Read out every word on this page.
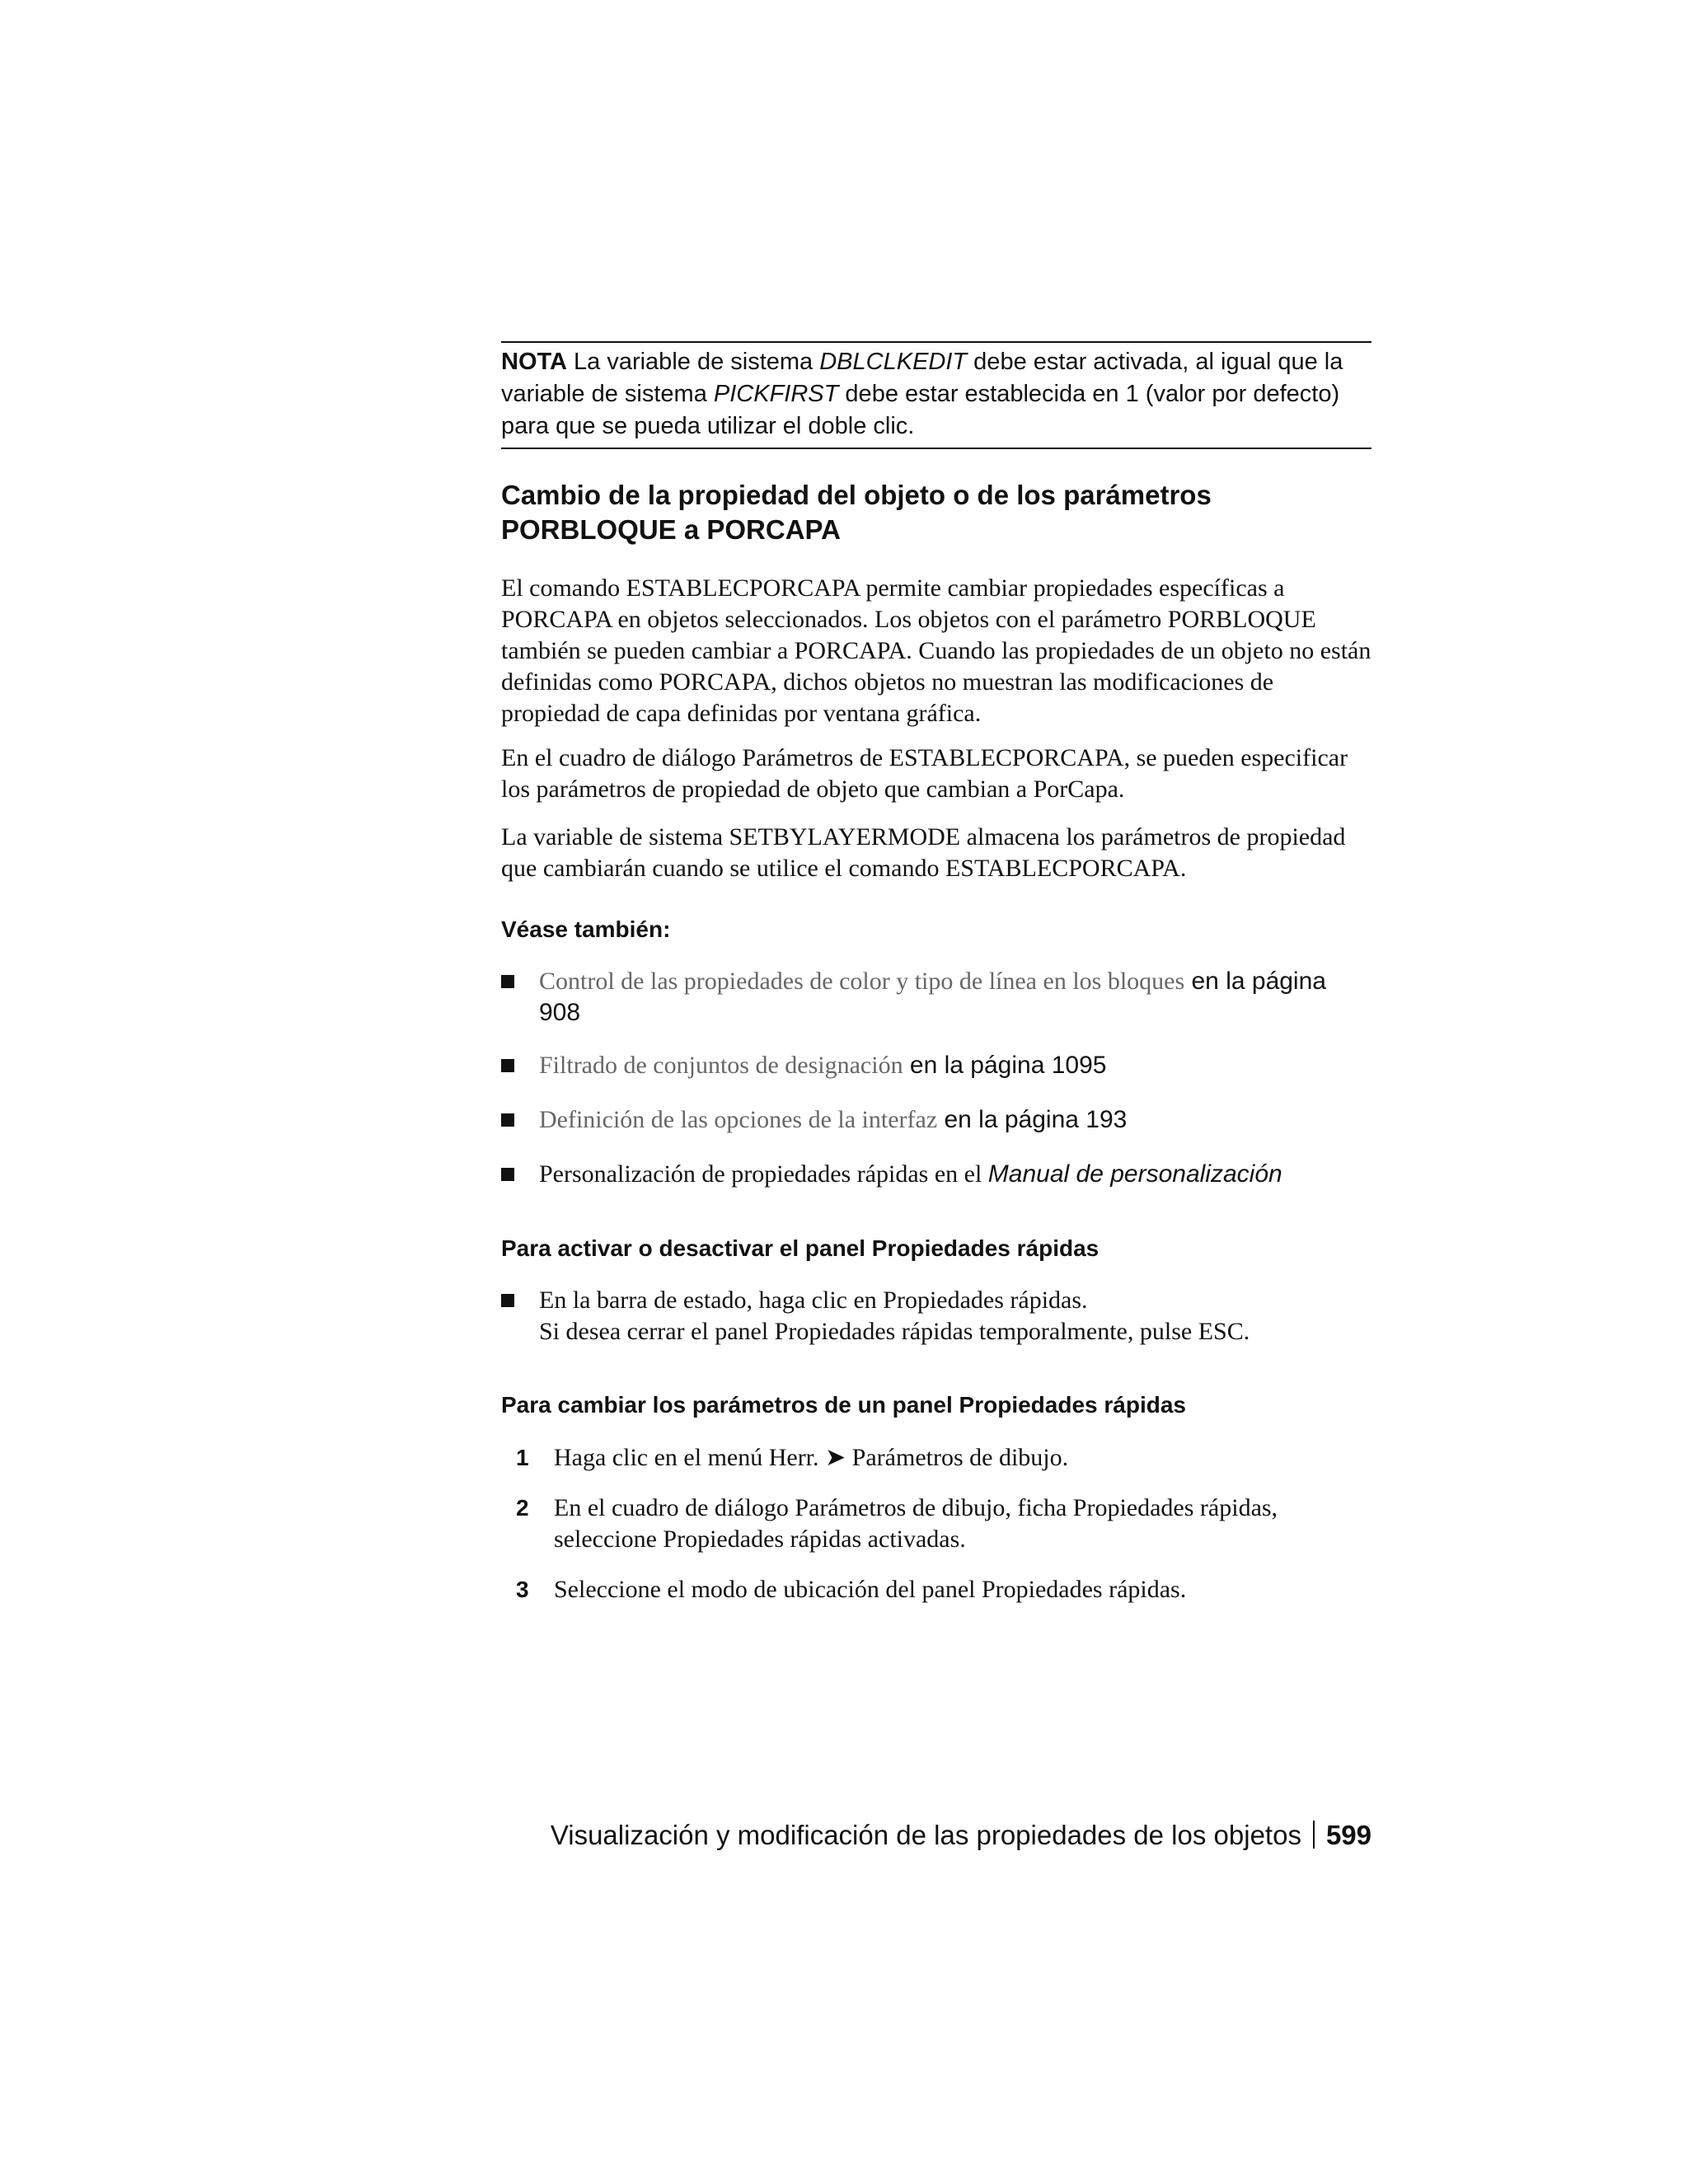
NOTA La variable de sistema DBLCLKEDIT debe estar activada, al igual que la variable de sistema PICKFIRST debe estar establecida en 1 (valor por defecto) para que se pueda utilizar el doble clic.
Cambio de la propiedad del objeto o de los parámetros PORBLOQUE a PORCAPA

El comando ESTABLECPORCAPA permite cambiar propiedades específicas a PORCAPA en objetos seleccionados. Los objetos con el parámetro PORBLOQUE también se pueden cambiar a PORCAPA. Cuando las propiedades de un objeto no están definidas como PORCAPA, dichos objetos no muestran las modificaciones de propiedad de capa definidas por ventana gráfica.

En el cuadro de diálogo Parámetros de ESTABLECPORCAPA, se pueden especificar los parámetros de propiedad de objeto que cambian a PorCapa.

La variable de sistema SETBYLAYERMODE almacena los parámetros de propiedad que cambiarán cuando se utilice el comando ESTABLECPORCAPA.

Véase también:
Control de las propiedades de color y tipo de línea en los bloques en la página 908
Filtrado de conjuntos de designación en la página 1095
Definición de las opciones de la interfaz en la página 193
Personalización de propiedades rápidas en el Manual de personalización
Para activar o desactivar el panel Propiedades rápidas
En la barra de estado, haga clic en Propiedades rápidas.
Si desea cerrar el panel Propiedades rápidas temporalmente, pulse ESC.
Para cambiar los parámetros de un panel Propiedades rápidas
1	Haga clic en el menú Herr. ➤ Parámetros de dibujo.
2	En el cuadro de diálogo Parámetros de dibujo, ficha Propiedades rápidas, seleccione Propiedades rápidas activadas.
3	Seleccione el modo de ubicación del panel Propiedades rápidas.
Visualización y modificación de las propiedades de los objetos 599
